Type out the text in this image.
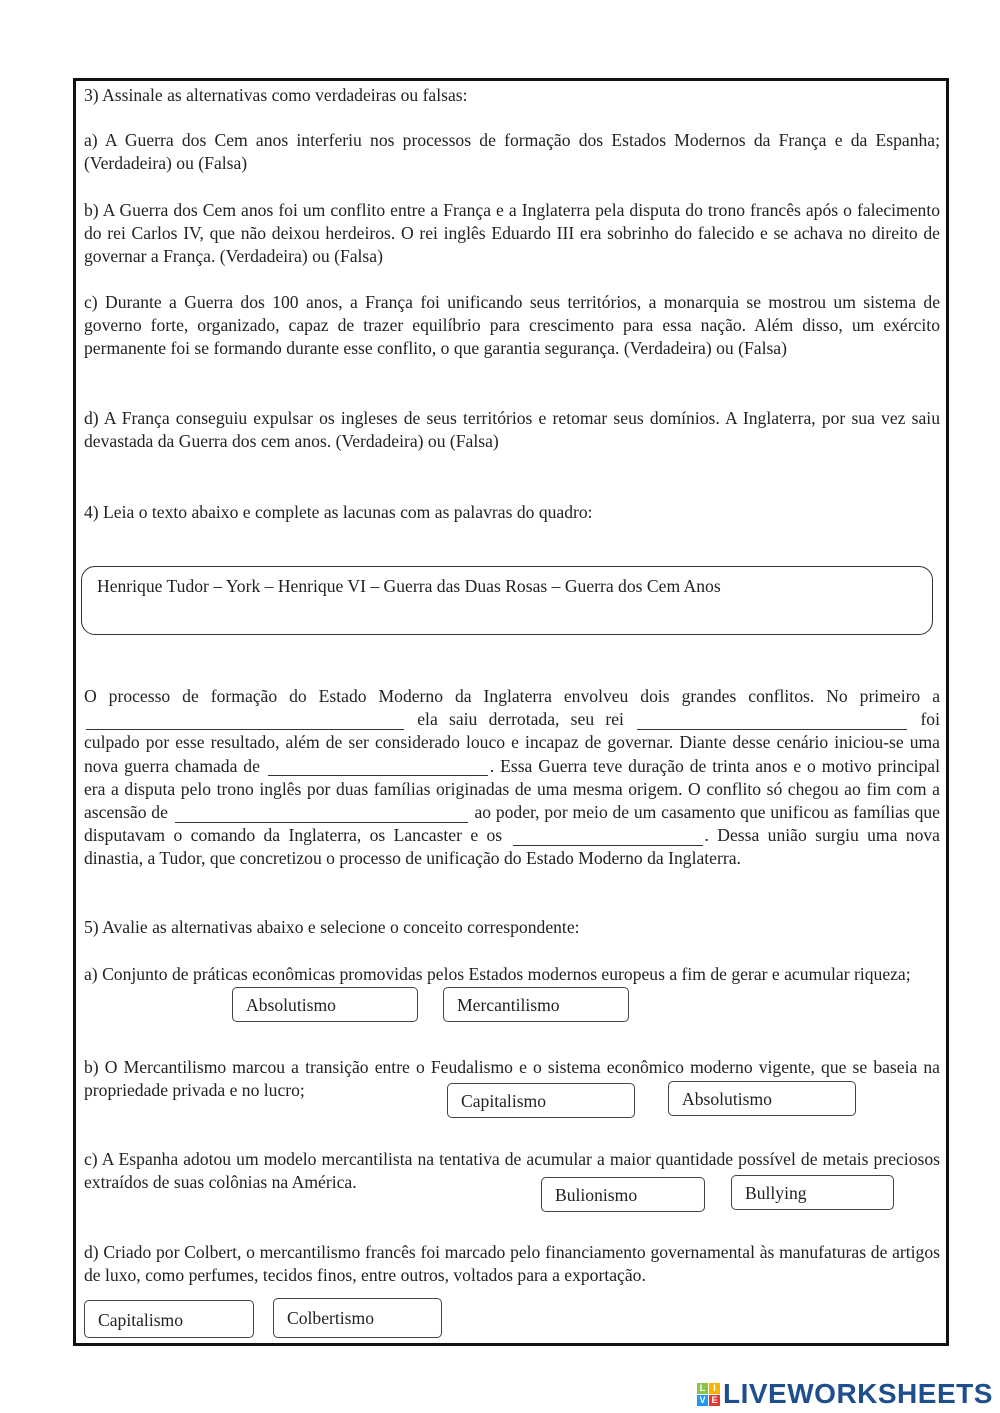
3) Assinale as alternativas como verdadeiras ou falsas:
a) A Guerra dos Cem anos interferiu nos processos de formação dos Estados Modernos da França e da Espanha; (Verdadeira) ou (Falsa)
b) A Guerra dos Cem anos foi um conflito entre a França e a Inglaterra pela disputa do trono francês após o falecimento do rei Carlos IV, que não deixou herdeiros. O rei inglês Eduardo III era sobrinho do falecido e se achava no direito de governar a França. (Verdadeira) ou (Falsa)
c) Durante a Guerra dos 100 anos, a França foi unificando seus territórios, a monarquia se mostrou um sistema de governo forte, organizado, capaz de trazer equilíbrio para crescimento para essa nação. Além disso, um exército permanente foi se formando durante esse conflito, o que garantia segurança. (Verdadeira) ou (Falsa)
d) A França conseguiu expulsar os ingleses de seus territórios e retomar seus domínios. A Inglaterra, por sua vez saiu devastada da Guerra dos cem anos. (Verdadeira) ou (Falsa)
4) Leia o texto abaixo e complete as lacunas com as palavras do quadro:
Henrique Tudor – York – Henrique VI – Guerra das Duas Rosas – Guerra dos Cem Anos
O processo de formação do Estado Moderno da Inglaterra envolveu dois grandes conflitos. No primeiro a ela saiu derrotada, seu rei	foi culpado por esse resultado, além de ser considerado louco e incapaz de governar. Diante desse cenário iniciou-se uma nova guerra chamada de	. Essa Guerra teve duração de trinta anos e o motivo principal era a disputa pelo trono inglês por duas famílias originadas de uma mesma origem. O conflito só chegou ao fim com a ascensão de	ao poder, por meio de um casamento que unificou as famílias que disputavam o comando da Inglaterra, os Lancaster e os	. Dessa união surgiu uma nova dinastia, a Tudor, que concretizou o processo de unificação do Estado Moderno da Inglaterra.
5) Avalie as alternativas abaixo e selecione o conceito correspondente:
a) Conjunto de práticas econômicas promovidas pelos Estados modernos europeus a fim de gerar e acumular riqueza;
Absolutismo	Mercantilismo
b) O Mercantilismo marcou a transição entre o Feudalismo e o sistema econômico moderno vigente, que se baseia na propriedade privada e no lucro;
Capitalismo	Absolutismo
c) A Espanha adotou um modelo mercantilista na tentativa de acumular a maior quantidade possível de metais preciosos extraídos de suas colônias na América.
Bulionismo	Bullying
d) Criado por Colbert, o mercantilismo francês foi marcado pelo financiamento governamental às manufaturas de artigos de luxo, como perfumes, tecidos finos, entre outros, voltados para a exportação.
Capitalismo	Colbertismo
L I
V E LIVEWORKSHEETS
